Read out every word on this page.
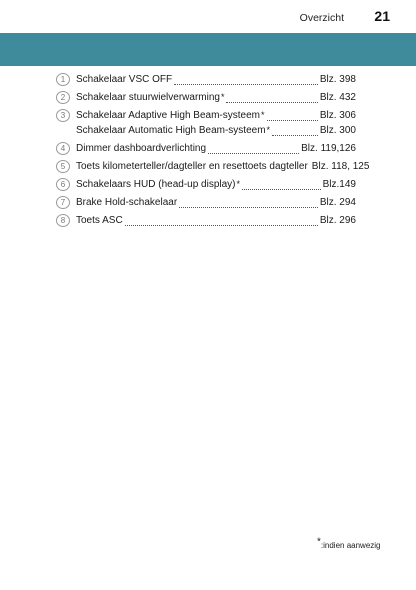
Overzicht 21
1	Schakelaar VSC OFF	Blz. 398
2	Schakelaar stuurwielverwarming *	Blz. 432
3	Schakelaar Adaptive High Beam-systeem *	Blz. 306
Schakelaar Automatic High Beam-systeem *	Blz. 300
4	Dimmer dashboardverlichting	Blz. 119,126
5	Toets kilometerteller/dagteller en resettoets dagteller Blz. 118, 125
6	Schakelaars HUD (head-up display) *	Blz.149
7	Brake Hold-schakelaar	Blz. 294
8	Toets ASC	Blz. 296
*:indien aanwezig
